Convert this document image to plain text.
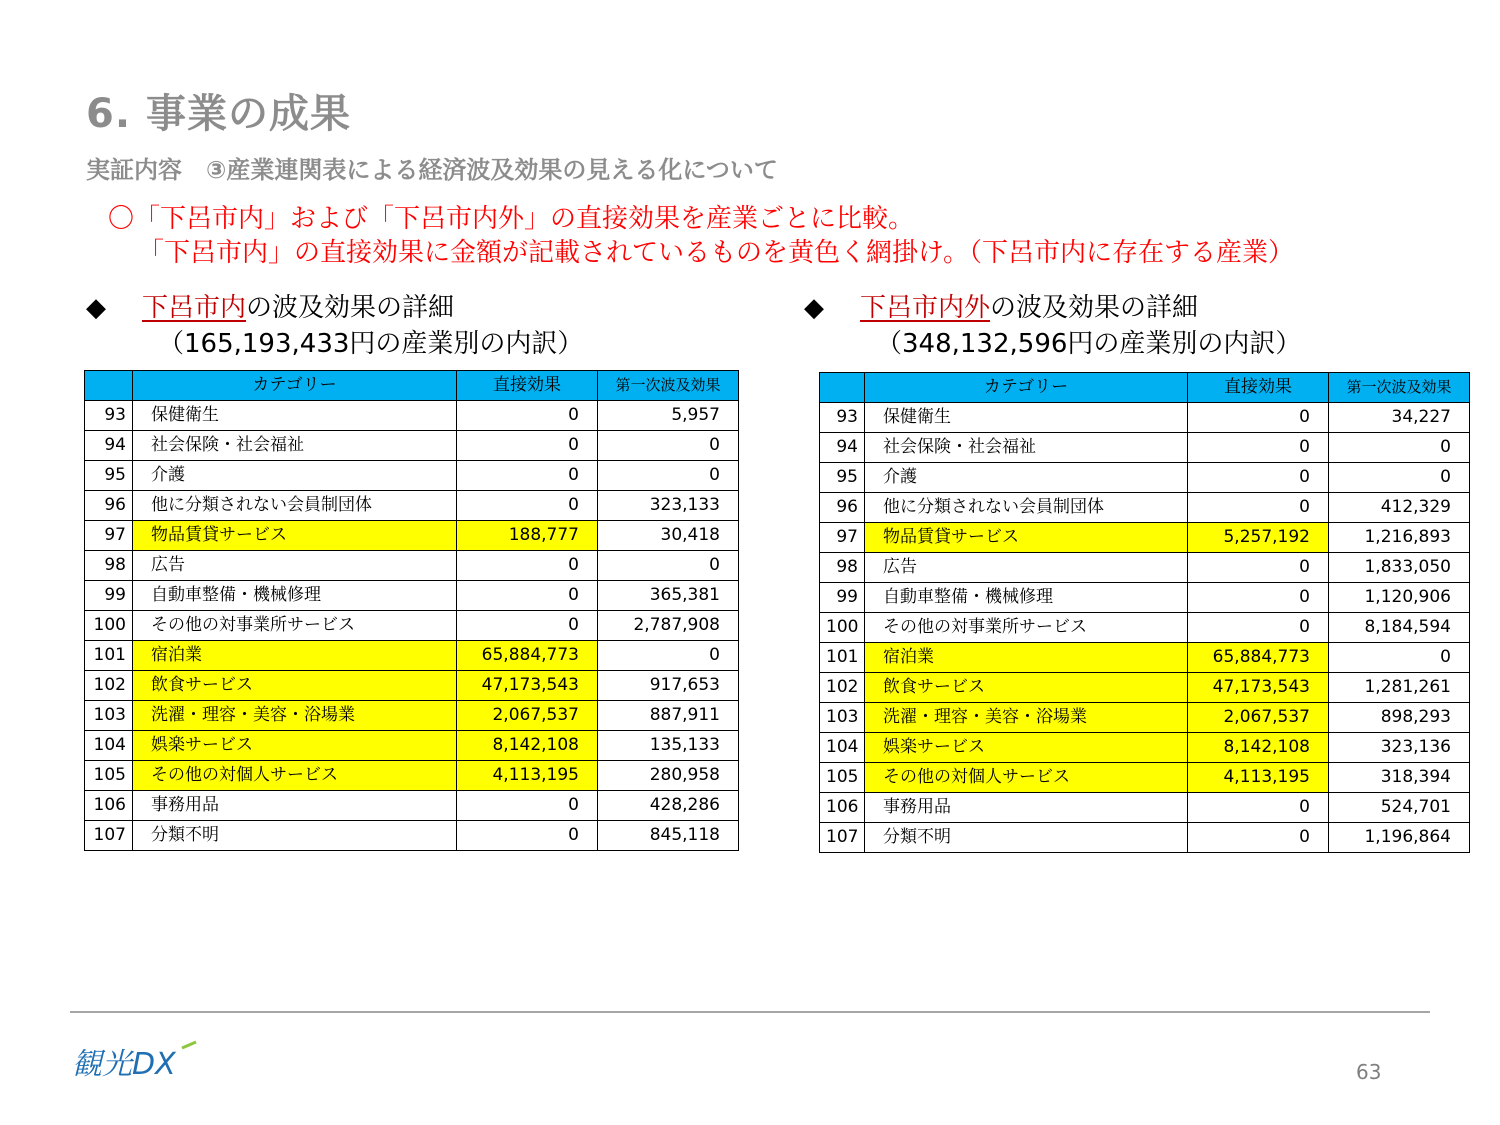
6. 事業の成果
実証内容　③産業連関表による経済波及効果の見える化について
〇「下呂市内」および「下呂市内外」の直接効果を産業ごとに比較。
「下呂市内」の直接効果に金額が記載されているものを黄色く網掛け。（下呂市内に存在する産業）
◆ 下呂市内の波及効果の詳細
（165,193,433円の産業別の内訳）
◆ 下呂市内外の波及効果の詳細
（348,132,596円の産業別の内訳）
	カテゴリー	直接効果	第一次波及効果
93	保健衛生	0	5,957
94	社会保険・社会福祉	0	0
95	介護	0	0
96	他に分類されない会員制団体	0	323,133
97	物品賃貸サービス	188,777	30,418
98	広告	0	0
99	自動車整備・機械修理	0	365,381
100	その他の対事業所サービス	0	2,787,908
101	宿泊業	65,884,773	0
102	飲食サービス	47,173,543	917,653
103	洗濯・理容・美容・浴場業	2,067,537	887,911
104	娯楽サービス	8,142,108	135,133
105	その他の対個人サービス	4,113,195	280,958
106	事務用品	0	428,286
107	分類不明	0	845,118
	カテゴリー	直接効果	第一次波及効果
93	保健衛生	0	34,227
94	社会保険・社会福祉	0	0
95	介護	0	0
96	他に分類されない会員制団体	0	412,329
97	物品賃貸サービス	5,257,192	1,216,893
98	広告	0	1,833,050
99	自動車整備・機械修理	0	1,120,906
100	その他の対事業所サービス	0	8,184,594
101	宿泊業	65,884,773	0
102	飲食サービス	47,173,543	1,281,261
103	洗濯・理容・美容・浴場業	2,067,537	898,293
104	娯楽サービス	8,142,108	323,136
105	その他の対個人サービス	4,113,195	318,394
106	事務用品	0	524,701
107	分類不明	0	1,196,864
観光DX	63
